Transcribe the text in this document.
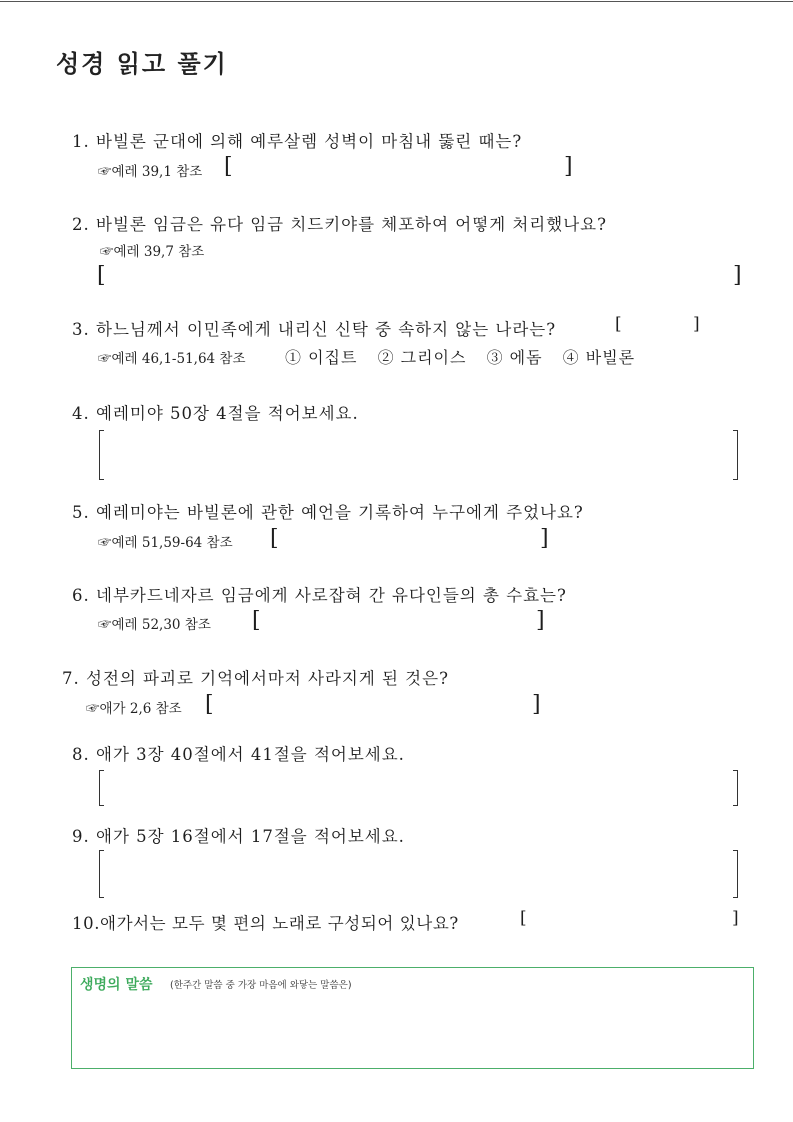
성경 읽고 풀기
1. 바빌론 군대에 의해 예루살렘 성벽이 마침내 뚫린 때는?
☞예레 39,1 참조 [	]
2. 바빌론 임금은 유다 임금 치드키야를 체포하여 어떻게 처리했나요?
☞예레 39,7 참조
[	]
3. 하느님께서 이민족에게 내리신 신탁 중 속하지 않는 나라는?	[	]
☞예레 46,1-51,64 참조 ① 이집트 ② 그리이스 ③ 에돔 ④ 바빌론
4. 예레미야 50장 4절을 적어보세요.
5. 예레미야는 바빌론에 관한 예언을 기록하여 누구에게 주었나요?
☞예레 51,59-64 참조 [	]
6. 네부카드네자르 임금에게 사로잡혀 간 유다인들의 총 수효는?
☞예레 52,30 참조 [	]
7. 성전의 파괴로 기억에서마저 사라지게 된 것은?
☞애가 2,6 참조 [	]
8. 애가 3장 40절에서 41절을 적어보세요.
9. 애가 5장 16절에서 17절을 적어보세요.
10.애가서는 모두 몇 편의 노래로 구성되어 있나요?	[	]
생명의 말씀 (한주간 말씀 중 가장 마음에 와닿는 말씀은)
